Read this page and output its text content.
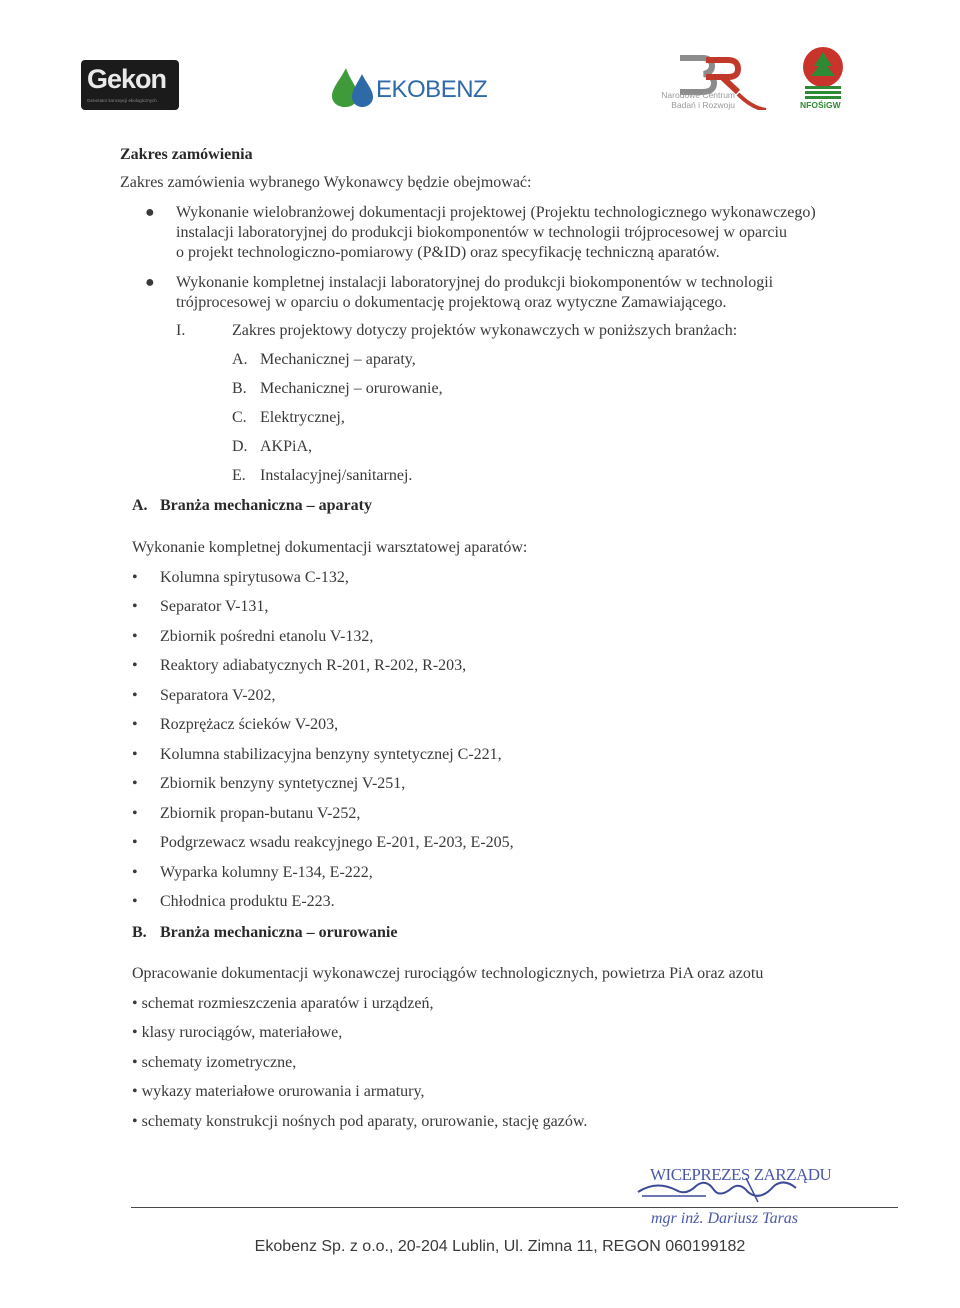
Gekon
Generator koncepcji ekologicznych	EKOBENZ	Narodowe Centrum
Badań i Rozwoju	NFOŚiGW
Zakres zamówienia
Zakres zamówienia wybranego Wykonawcy będzie obejmować:
● Wykonanie wielobranżowej dokumentacji projektowej (Projektu technologicznego wykonawczego)
instalacji laboratoryjnej do produkcji biokomponentów w technologii trójprocesowej w oparciu
o projekt technologiczno-pomiarowy (P&ID) oraz specyfikację techniczną aparatów.
● Wykonanie kompletnej instalacji laboratoryjnej do produkcji biokomponentów w technologii
trójprocesowej w oparciu o dokumentację projektową oraz wytyczne Zamawiającego.
I.	Zakres projektowy dotyczy projektów wykonawczych w poniższych branżach:
A. Mechanicznej – aparaty,
B. Mechanicznej – orurowanie,
C. Elektrycznej,
D. AKPiA,
E. Instalacyjnej/sanitarnej.
A. Branża mechaniczna – aparaty
Wykonanie kompletnej dokumentacji warsztatowej aparatów:
• Kolumna spirytusowa C-132,
• Separator V-131,
• Zbiornik pośredni etanolu V-132,
• Reaktory adiabatycznych R-201, R-202, R-203,
• Separatora V-202,
• Rozprężacz ścieków V-203,
• Kolumna stabilizacyjna benzyny syntetycznej C-221,
• Zbiornik benzyny syntetycznej V-251,
• Zbiornik propan-butanu V-252,
• Podgrzewacz wsadu reakcyjnego E-201, E-203, E-205,
• Wyparka kolumny E-134, E-222,
• Chłodnica produktu E-223.
B. Branża mechaniczna – orurowanie
Opracowanie dokumentacji wykonawczej rurociągów technologicznych, powietrza PiA oraz azotu
• schemat rozmieszczenia aparatów i urządzeń,
• klasy rurociągów, materiałowe,
• schematy izometryczne,
• wykazy materiałowe orurowania i armatury,
• schematy konstrukcji nośnych pod aparaty, orurowanie, stację gazów.
WICEPREZES ZARZĄDU
mgr inż. Dariusz Taras
Ekobenz Sp. z o.o., 20-204 Lublin, Ul. Zimna 11, REGON 060199182
